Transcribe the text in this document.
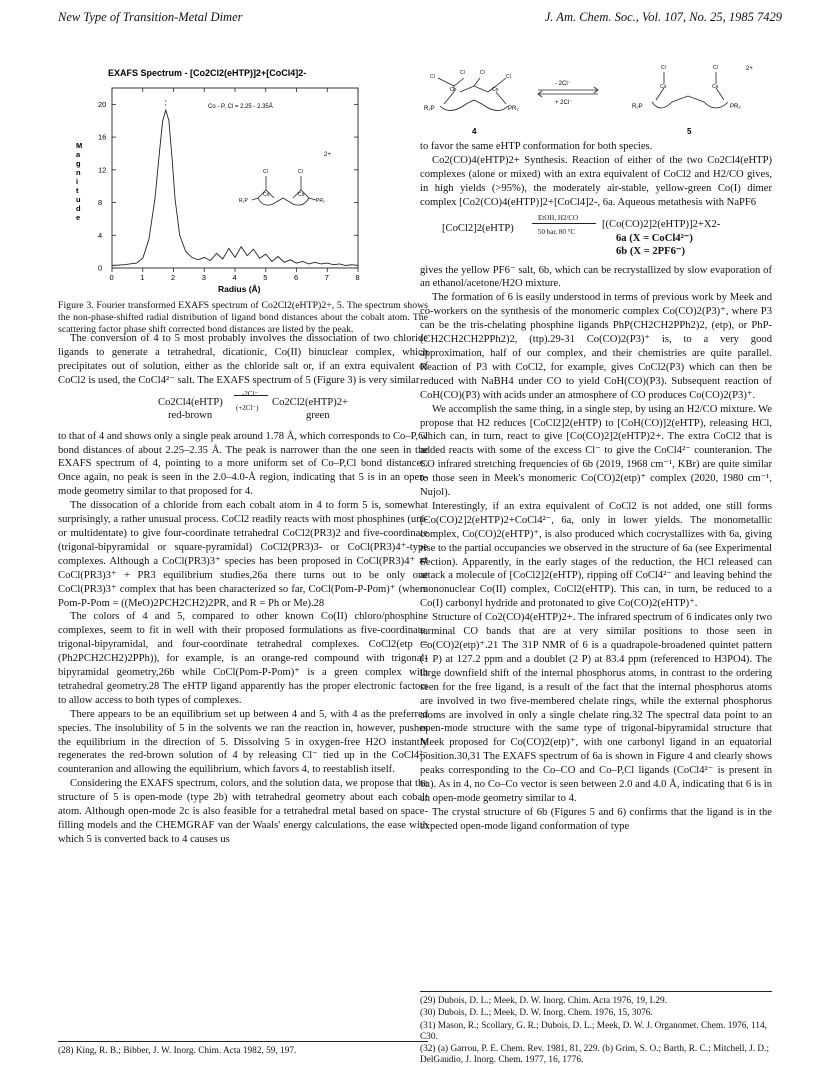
New Type of Transition-Metal Dimer	J. Am. Chem. Soc., Vol. 107, No. 25, 1985 7429
EXAFS Spectrum - [Co2Cl2(eHTP)]2+[CoCl4]2-
Co - P, Cl = 2.25 - 2.35Å
M a g n i t u d e
0	1	2	3	4	5	6	7	8
0
4
8
12
16
20
Radius (Å)
Cl	Cl
Co	Co
R₂P	PR₂
2+
Figure 3. Fourier transformed EXAFS spectrum of Co2Cl2(eHTP)2+, 5. The spectrum shows the non-phase-shifted radial distribution of ligand bond distances about the cobalt atom. The scattering factor phase shift corrected bond distances are listed by the peak.
Cl
Cl	Cl
Cl
Co	Co
R₂P	PR₂
4
- 2Cl⁻
+ 2Cl⁻
Cl	Cl
Co	Co
2+
R₂P	PR₂
5

The conversion of 4 to 5 most probably involves the dissociation of two chloride ligands to generate a tetrahedral, dicationic, Co(II) binuclear complex, which precipitates out of solution, either as the chloride salt or, if an extra equivalent of CoCl2 is used, the CoCl4²⁻ salt. The EXAFS spectrum of 5 (Figure 3) is very similar

Co2Cl4(eHTP)
-2Cl⁻
(+2Cl⁻) Co2Cl2(eHTP)2+
red-brown	green

to that of 4 and shows only a single peak around 1.78 Å, which corresponds to Co–P,Cl bond distances of about 2.25–2.35 Å. The peak is narrower than the one seen in the EXAFS spectrum of 4, pointing to a more uniform set of Co–P,Cl bond distances. Once again, no peak is seen in the 2.0–4.0-Å region, indicating that 5 is in an open-mode geometry similar to that proposed for 4.

The dissocation of a chloride from each cobalt atom in 4 to form 5 is, somewhat surprisingly, a rather unusual process. CoCl2 readily reacts with most phosphines (uni- or multidentate) to give four-coordinate tetrahedral CoCl2(PR3)2 and five-coordinate (trigonal-bipyramidal or square-pyramidal) CoCl2(PR3)3- or CoCl(PR3)4⁺-type complexes. Although a CoCl(PR3)3⁺ species has been proposed in CoCl(PR3)4⁺ ⇄ CoCl(PR3)3⁺ + PR3 equilibrium studies,26a there turns out to be only one CoCl(PR3)3⁺ complex that has been characterized so far, CoCl(Pom-P-Pom)⁺ (where Pom-P-Pom = ((MeO)2PCH2CH2)2PR, and R = Ph or Me).28

The colors of 4 and 5, compared to other known Co(II) chloro/phosphine complexes, seem to fit in well with their proposed formulations as five-coordinate, trigonal-bipyramidal, and four-coordinate tetrahedral complexes. CoCl2(etp = (Ph2PCH2CH2)2PPh)), for example, is an orange-red compound with trigonal-bipyramidal geometry,26b while CoCl(Pom-P-Pom)⁺ is a green complex with tetrahedral geometry.28 The eHTP ligand apparently has the proper electronic factors to allow access to both types of complexes.

There appears to be an equilibrium set up between 4 and 5, with 4 as the preferred species. The insolubility of 5 in the solvents we ran the reaction in, however, pushes the equilibrium in the direction of 5. Dissolving 5 in oxygen-free H2O instantly regenerates the red-brown solution of 4 by releasing Cl⁻ tied up in the CoCl4²⁻ counteranion and allowing the equilibrium, which favors 4, to reestablish itself.

Considering the EXAFS spectrum, colors, and the solution data, we propose that the structure of 5 is open-mode (type 2b) with tetrahedral geometry about each cobalt atom. Although open-mode 2c is also feasible for a tetrahedral metal based on space-filling models and the CHEMGRAF van der Waals' energy calculations, the ease with which 5 is converted back to 4 causes us

(28) King, R. B.; Bibber, J. W. Inorg. Chim. Acta 1982, 59, 197.

to favor the same eHTP conformation for both species.

Co2(CO)4(eHTP)2+ Synthesis. Reaction of either of the two Co2Cl4(eHTP) complexes (alone or mixed) with an extra equivalent of CoCl2 and H2/CO gives, in high yields (>95%), the moderately air-stable, yellow-green Co(I) dimer complex [Co2(CO)4(eHTP)]2+[CoCl4]2-, 6a. Aqueous metathesis with NaPF6

[CoCl2]2(eHTP)
EtOH, H2/CO
50 bar, 80 °C
[(Co(CO)2]2(eHTP)]2+X2-
6a (X = CoCl4²⁻)
6b (X = 2PF6⁻)

gives the yellow PF6⁻ salt, 6b, which can be recrystallized by slow evaporation of an ethanol/acetone/H2O mixture.

The formation of 6 is easily understood in terms of previous work by Meek and co-workers on the synthesis of the monomeric complex Co(CO)2(P3)⁺, where P3 can be the tris-chelating phosphine ligands PhP(CH2CH2PPh2)2, (etp), or PhP-(CH2CH2CH2PPh2)2, (ttp).29-31 Co(CO)2(P3)⁺ is, to a very good approximation, half of our complex, and their chemistries are quite parallel. Reaction of P3 with CoCl2, for example, gives CoCl2(P3) which can then be reduced with NaBH4 under CO to yield CoH(CO)(P3). Subsequent reaction of CoH(CO)(P3) with acids under an atmosphere of CO produces Co(CO)2(P3)⁺.

We accomplish the same thing, in a single step, by using an H2/CO mixture. We propose that H2 reduces [CoCl2]2(eHTP) to [CoH(CO)]2(eHTP), releasing HCl, which can, in turn, react to give [Co(CO)2]2(eHTP)2+. The extra CoCl2 that is added reacts with some of the excess Cl⁻ to give the CoCl4²⁻ counteranion. The CO infrared stretching frequencies of 6b (2019, 1968 cm⁻¹, KBr) are quite similar to those seen in Meek's monomeric Co(CO)2(etp)⁺ complex (2020, 1980 cm⁻¹, Nujol).

Interestingly, if an extra equivalent of CoCl2 is not added, one still forms [Co(CO)2]2(eHTP)2+CoCl4²⁻, 6a, only in lower yields. The monometallic complex, Co(CO)2(eHTP)⁺, is also produced which cocrystallizes with 6a, giving rise to the partial occupancies we observed in the structure of 6a (see Experimental Section). Apparently, in the early stages of the reduction, the HCl released can attack a molecule of [CoCl2]2(eHTP), ripping off CoCl4²⁻ and leaving behind the mononuclear Co(II) complex, CoCl2(eHTP). This can, in turn, be reduced to a Co(I) carbonyl hydride and protonated to give Co(CO)2(eHTP)⁺.

Structure of Co2(CO)4(eHTP)2+. The infrared spectrum of 6 indicates only two terminal CO bands that are at very similar positions to those seen in Co(CO)2(etp)⁺.21 The 31P NMR of 6 is a quadrapole-broadened quintet pattern (1 P) at 127.2 ppm and a doublet (2 P) at 83.4 ppm (referenced to H3PO4). The large downfield shift of the internal phosphorus atoms, in contrast to the ordering seen for the free ligand, is a result of the fact that the internal phosphorus atoms are involved in two five-membered chelate rings, while the external phosphorus atoms are involved in only a single chelate ring.32 The spectral data point to an open-mode structure with the same type of trigonal-bipyramidal structure that Meek proposed for Co(CO)2(etp)⁺, with one carbonyl ligand in an equatorial position.30,31 The EXAFS spectrum of 6a is shown in Figure 4 and clearly shows peaks corresponding to the Co–CO and Co–P,Cl ligands (CoCl4²⁻ is present in 6a). As in 4, no Co–Co vector is seen between 2.0 and 4.0 Å, indicating that 6 is in an open-mode geometry similar to 4.

The crystal structure of 6b (Figures 5 and 6) confirms that the ligand is in the expected open-mode ligand conformation of type

(29) Dubois, D. L.; Meek, D. W. Inorg. Chim. Acta 1976, 19, L29.

(30) Dubois, D. L.; Meek, D. W. Inorg. Chem. 1976, 15, 3076.

(31) Mason, R.; Scollary, G. R.; Dubois, D. L.; Meek, D. W. J. Organomet. Chem. 1976, 114, C30.

(32) (a) Garrou, P. E. Chem. Rev. 1981, 81, 229. (b) Grim, S. O.; Barth, R. C.; Mitchell, J. D.; DelGaudio, J. Inorg. Chem. 1977, 16, 1776.
